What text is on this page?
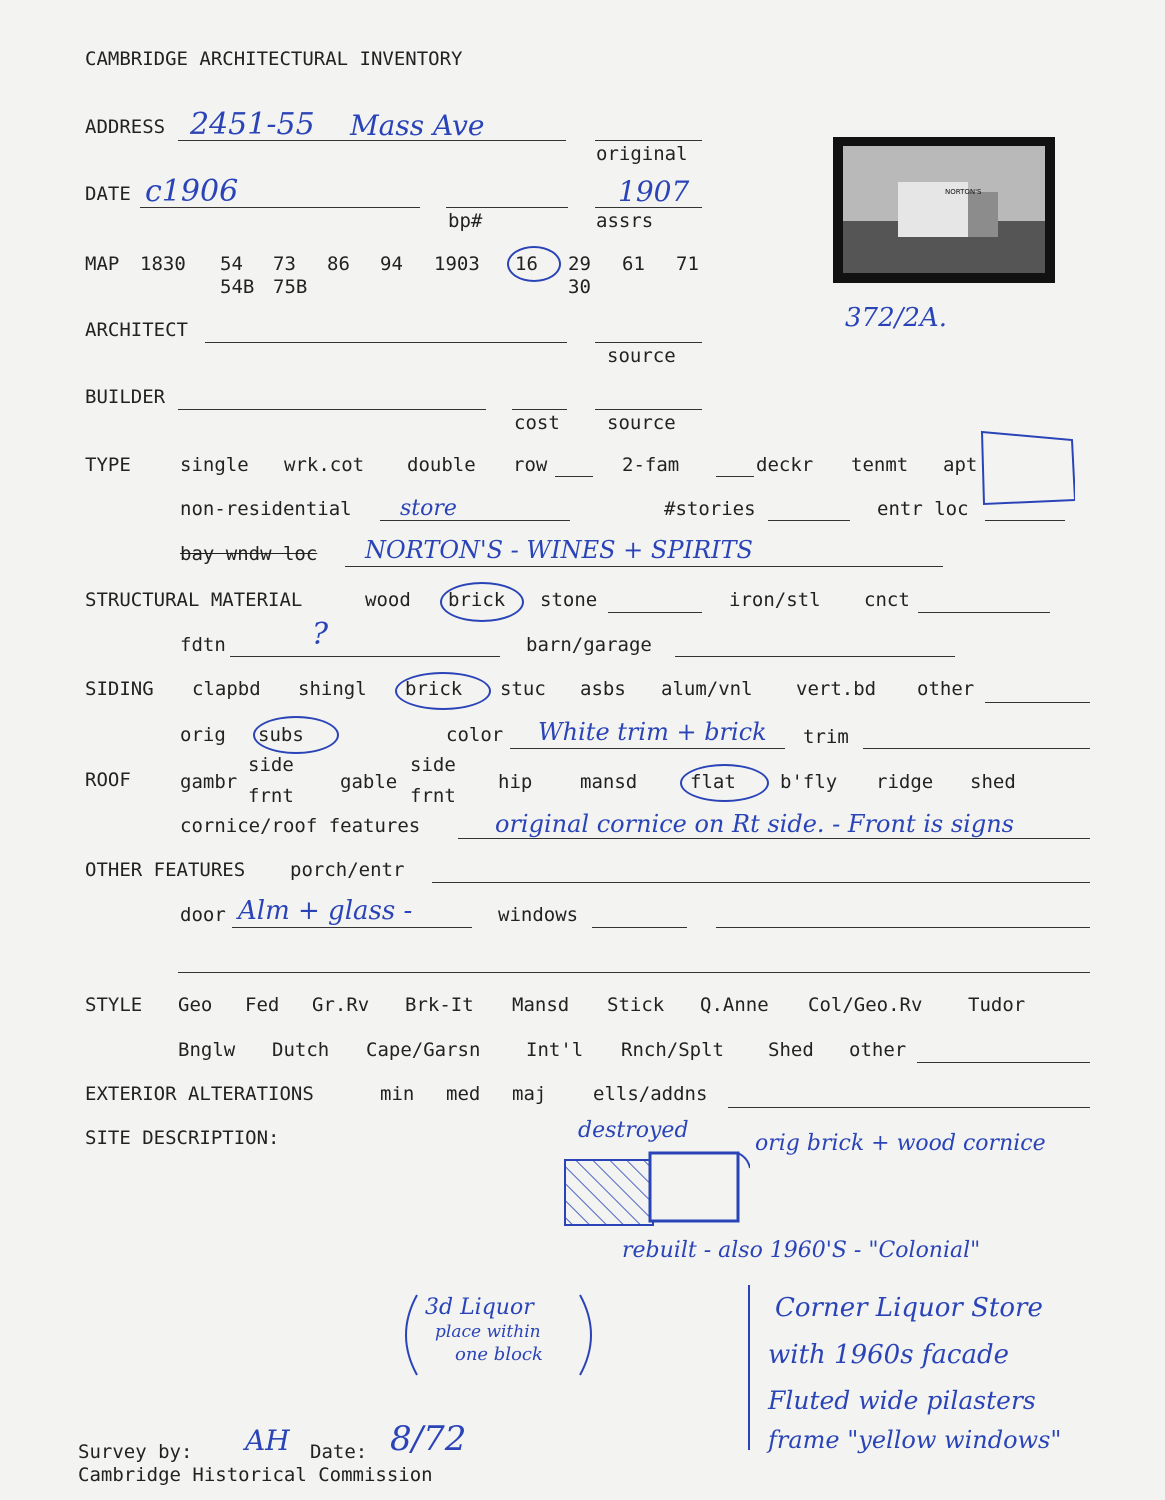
CAMBRIDGE ARCHITECTURAL INVENTORY
NORTON'S
372/2A.
ADDRESS 2451-55 Mass Ave
original
DATE c1906
bp#
1907
assrs
MAP 1830 54 73 86 94 1903 16 29 61 71
54B 75B	30
ARCHITECT
source
BUILDER
cost source
TYPE	single wrk.cot double row	2-fam	deckr tenmt apt
non-residential store	#stories	entr loc
bay wndw loc NORTON'S - WINES + SPIRITS
STRUCTURAL MATERIAL	wood brick stone	iron/stl cnct
fdtn	?	barn/garage
SIDING clapbd shingl brick stuc asbs alum/vnl vert.bd other
orig subs	color White trim + brick trim
ROOF	gambr
side
frnt
gable
side
frnt
hip	mansd	flat b'fly ridge shed
cornice/roof features	original cornice on Rt side. - Front is signs
OTHER FEATURES porch/entr
door Alm + glass -	windows
STYLE Geo Fed Gr.Rv Brk-It Mansd Stick Q.Anne Col/Geo.Rv Tudor
Bnglw Dutch Cape/Garsn Int'l Rnch/Splt Shed other
EXTERIOR ALTERATIONS	min med maj ells/addns
SITE DESCRIPTION:	destroyed
orig brick + wood cornice
rebuilt - also 1960'S - "Colonial"
3d Liquor
place within
one block
Corner Liquor Store
with 1960s facade
Fluted wide pilasters
frame "yellow windows"
Survey by: AH Date: 8/72
Cambridge Historical Commission
